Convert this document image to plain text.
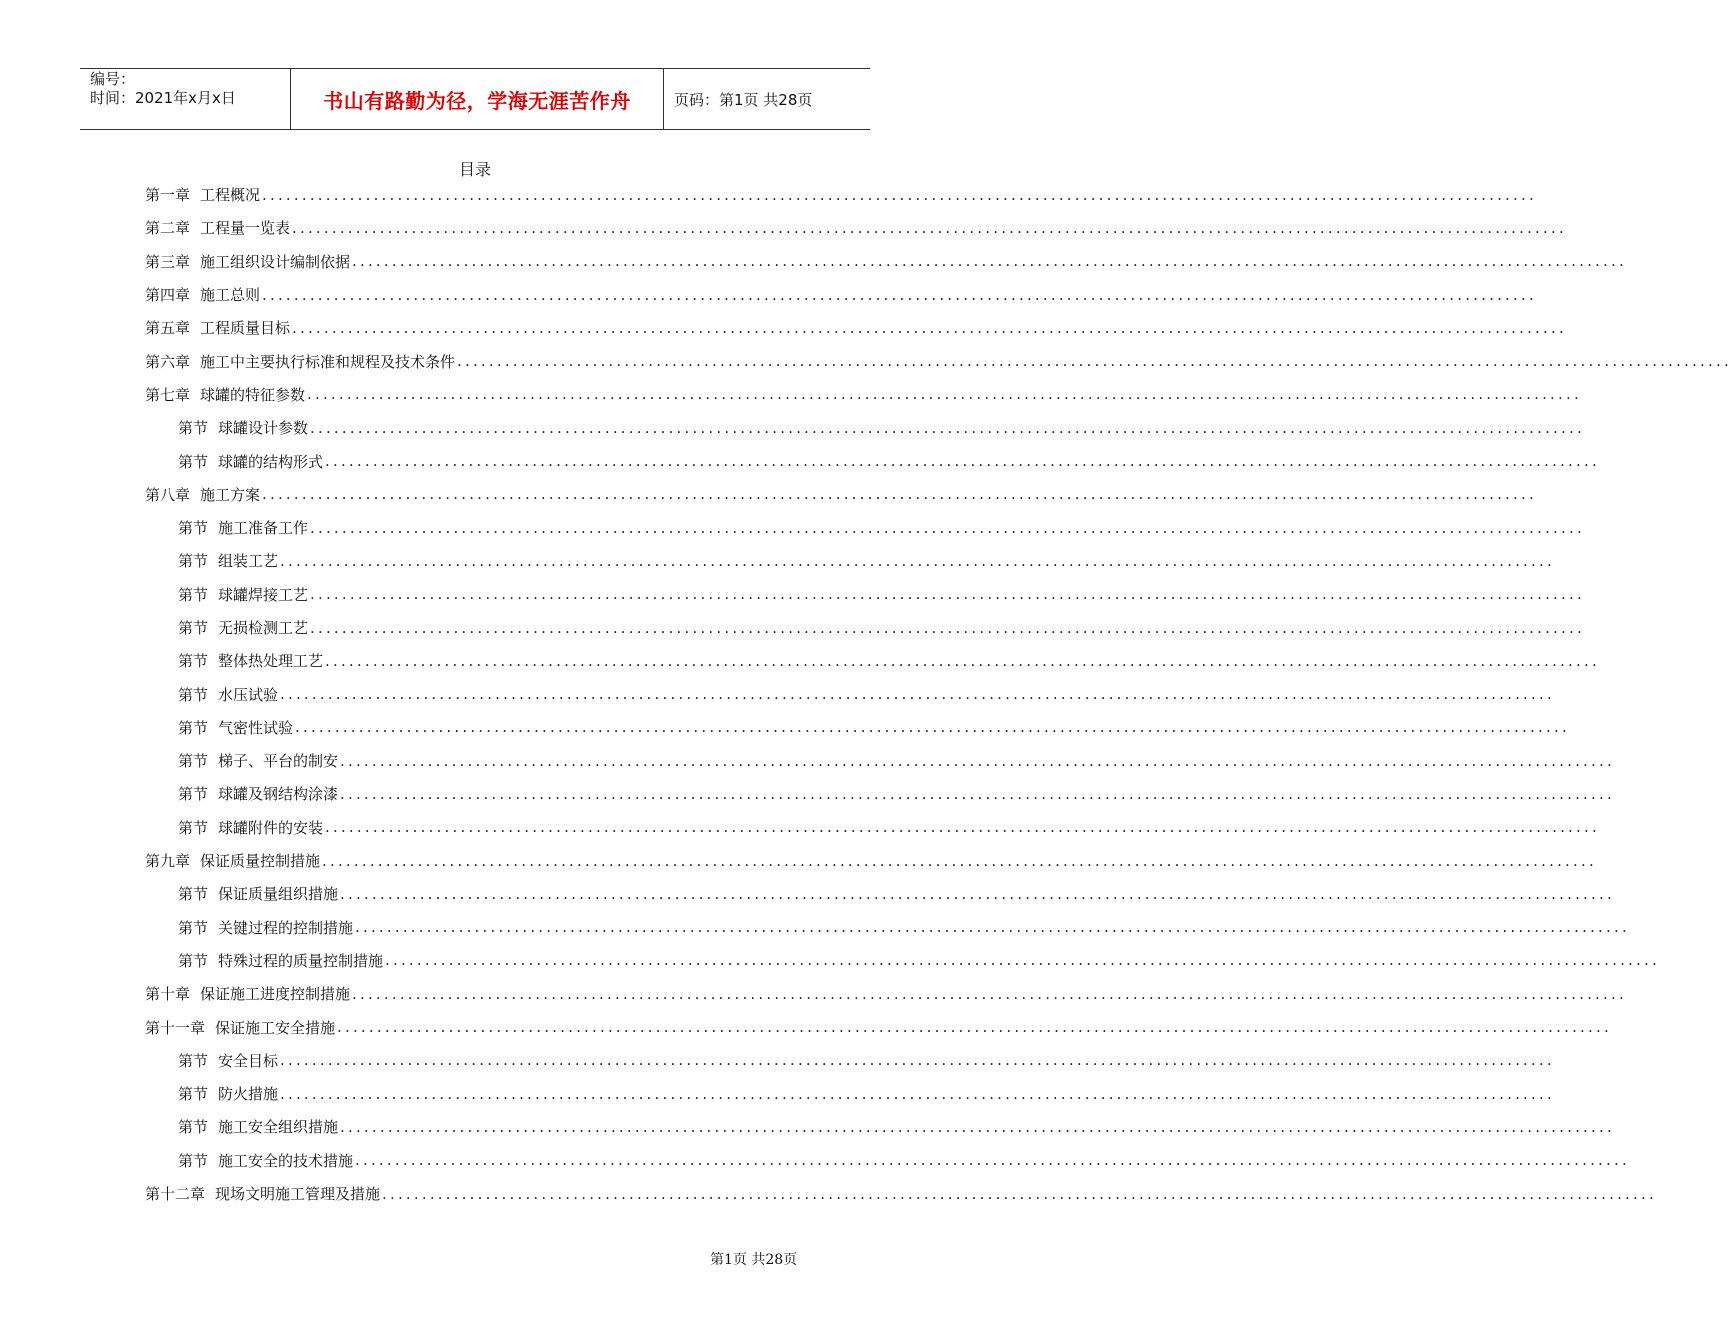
编号：
时间：2021年x月x日	书山有路勤为径，学海无涯苦作舟	页码：第1页 共28页
目录
第一章 工程概况 ................................................................................................................................................................
第二章 工程量一览表 ................................................................................................................................................................
第三章 施工组织设计编制依据 ................................................................................................................................................................
第四章 施工总则 ................................................................................................................................................................
第五章 工程质量目标 ................................................................................................................................................................
第六章 施工中主要执行标准和规程及技术条件 ................................................................................................................................................................
第七章 球罐的特征参数 ................................................................................................................................................................
第节 球罐设计参数 ................................................................................................................................................................
第节 球罐的结构形式 ................................................................................................................................................................
第八章 施工方案 ................................................................................................................................................................
第节 施工准备工作 ................................................................................................................................................................
第节 组装工艺 ................................................................................................................................................................
第节 球罐焊接工艺 ................................................................................................................................................................
第节 无损检测工艺 ................................................................................................................................................................
第节 整体热处理工艺 ................................................................................................................................................................
第节 水压试验 ................................................................................................................................................................
第节 气密性试验 ................................................................................................................................................................
第节 梯子、平台的制安 ................................................................................................................................................................
第节 球罐及钢结构涂漆 ................................................................................................................................................................
第节 球罐附件的安装 ................................................................................................................................................................
第九章 保证质量控制措施 ................................................................................................................................................................
第节 保证质量组织措施 ................................................................................................................................................................
第节 关键过程的控制措施 ................................................................................................................................................................
第节 特殊过程的质量控制措施 ................................................................................................................................................................
第十章 保证施工进度控制措施 ................................................................................................................................................................
第十一章 保证施工安全措施 ................................................................................................................................................................
第节 安全目标 ................................................................................................................................................................
第节 防火措施 ................................................................................................................................................................
第节 施工安全组织措施 ................................................................................................................................................................
第节 施工安全的技术措施 ................................................................................................................................................................
第十二章 现场文明施工管理及措施 ................................................................................................................................................................
第1页 共28页
